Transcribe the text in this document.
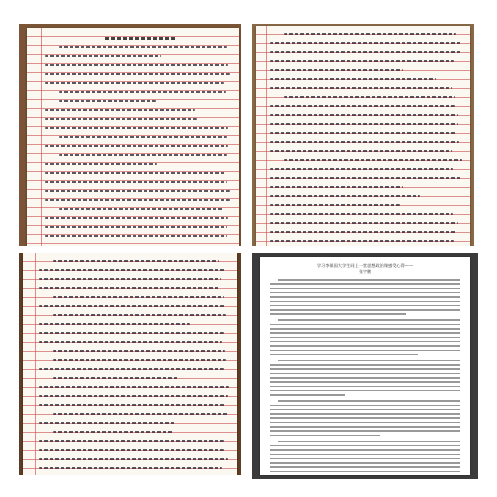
学习李保国大学生同上一堂思想政治课感受心得——
张宇鹏
